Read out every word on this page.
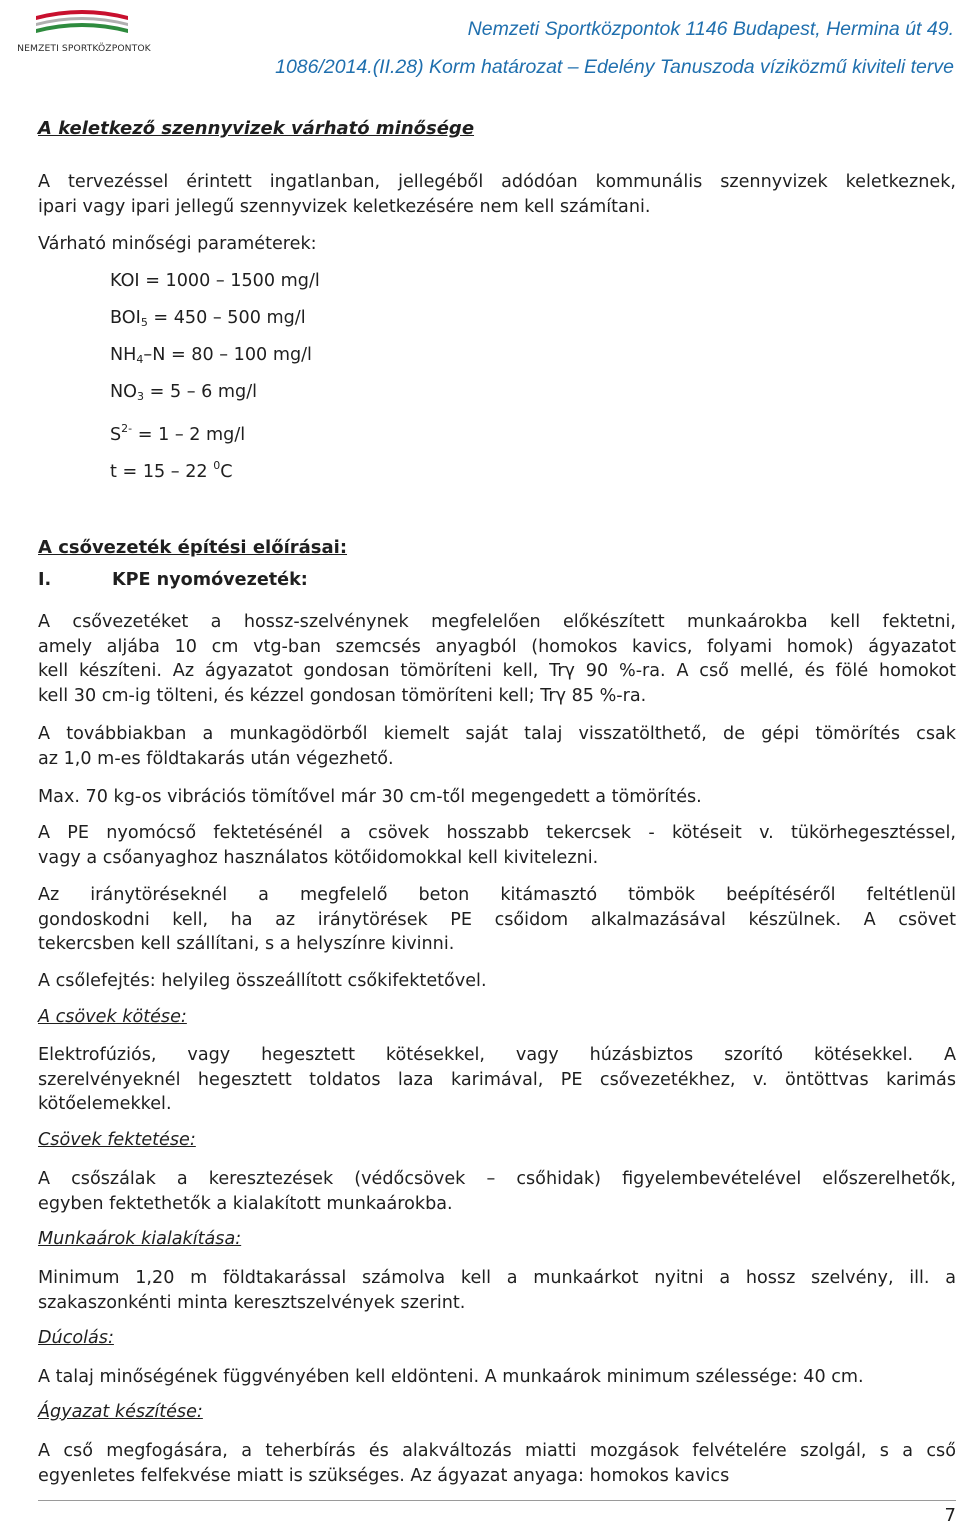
NEMZETI SPORTKÖZPONTOK
Nemzeti Sportközpontok 1146 Budapest, Hermina út 49.
1086/2014.(II.28) Korm határozat – Edelény Tanuszoda víziközmű kiviteli terve
A keletkező szennyvizek várható minősége
A tervezéssel érintett ingatlanban, jellegéből adódóan kommunális szennyvizek keletkeznek,
ipari vagy ipari jellegű szennyvizek keletkezésére nem kell számítani.
Várható minőségi paraméterek:
KOI = 1000 – 1500 mg/l
$BOI_5 = 450 - 500$ mg/l
$NH_4-N = 80 - 100$ mg/l
$NO_3 = 5 - 6$ mg/l
$S^{2-} = 1 - 2$ mg/l
t = 15 – 22 $^0$C
A csővezeték építési előírásai:
I.	KPE nyomóvezeték:
A csővezetéket a hossz-szelvénynek megfelelően előkészített munkaárokba kell fektetni,
amely aljába 10 cm vtg-ban szemcsés anyagból (homokos kavics, folyami homok) ágyazatot
kell készíteni. Az ágyazatot gondosan tömöríteni kell, Trγ 90 %-ra. A cső mellé, és fölé homokot
kell 30 cm-ig tölteni, és kézzel gondosan tömöríteni kell; Trγ 85 %-ra.
A továbbiakban a munkagödörből kiemelt saját talaj visszatölthető, de gépi tömörítés csak
az 1,0 m-es földtakarás után végezhető.
Max. 70 kg-os vibrációs tömítővel már 30 cm-től megengedett a tömörítés.
A PE nyomócső fektetésénél a csövek hosszabb tekercsek - kötéseit v. tükörhegesztéssel,
vagy a csőanyaghoz használatos kötőidomokkal kell kivitelezni.
Az iránytöréseknél a megfelelő beton kitámasztó tömbök beépítéséről feltétlenül
gondoskodni kell, ha az iránytörések PE csőidom alkalmazásával készülnek. A csövet
tekercsben kell szállítani, s a helyszínre kivinni.
A csőlefejtés: helyileg összeállított csőkifektetővel.
A csövek kötése:
Elektrofúziós, vagy hegesztett kötésekkel, vagy húzásbiztos szorító kötésekkel. A
szerelvényeknél hegesztett toldatos laza karimával, PE csővezetékhez, v. öntöttvas karimás
kötőelemekkel.
Csövek fektetése:
A csőszálak a keresztezések (védőcsövek – csőhidak) figyelembevételével előszerelhetők,
egyben fektethetők a kialakított munkaárokba.
Munkaárok kialakítása:
Minimum 1,20 m földtakarással számolva kell a munkaárkot nyitni a hossz szelvény, ill. a
szakaszonkénti minta keresztszelvények szerint.
Dúcolás:
A talaj minőségének függvényében kell eldönteni. A munkaárok minimum szélessége: 40 cm.
Ágyazat készítése:
A cső megfogására, a teherbírás és alakváltozás miatti mozgások felvételére szolgál, s a cső
egyenletes felfekvése miatt is szükséges. Az ágyazat anyaga: homokos kavics
7
